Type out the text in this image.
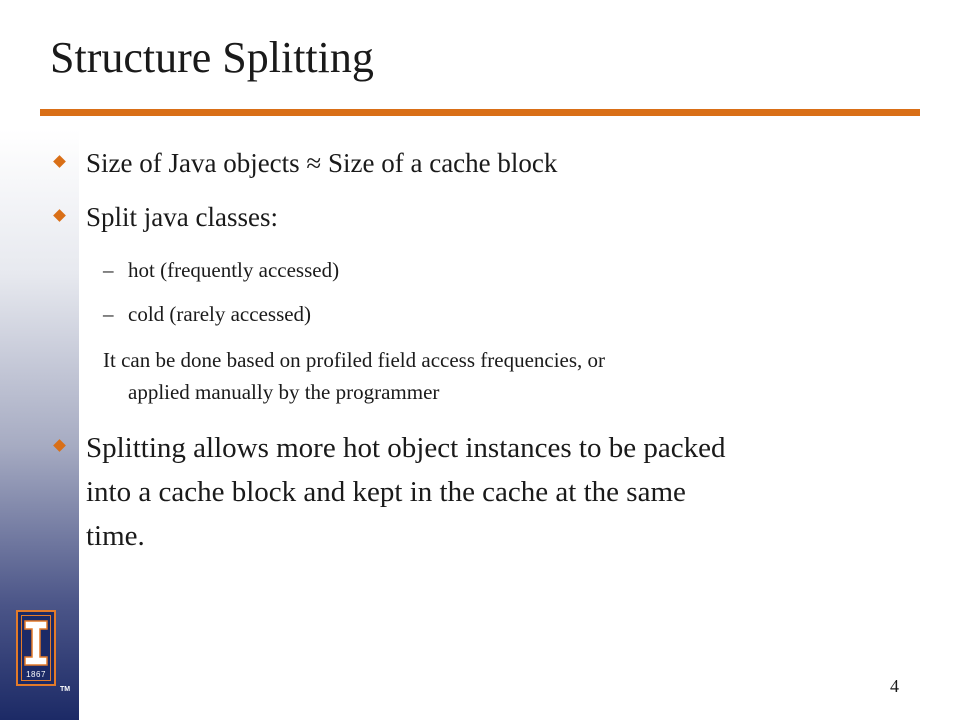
Structure Splitting
Size of Java objects ≈ Size of a cache block
Split java classes:
– hot (frequently accessed)
– cold (rarely accessed)
It can be done based on profiled field access frequencies, or
applied manually by the programmer
Splitting allows more hot object instances to be packed
into a cache block and kept in the cache at the same
time.
1867
TM	4
